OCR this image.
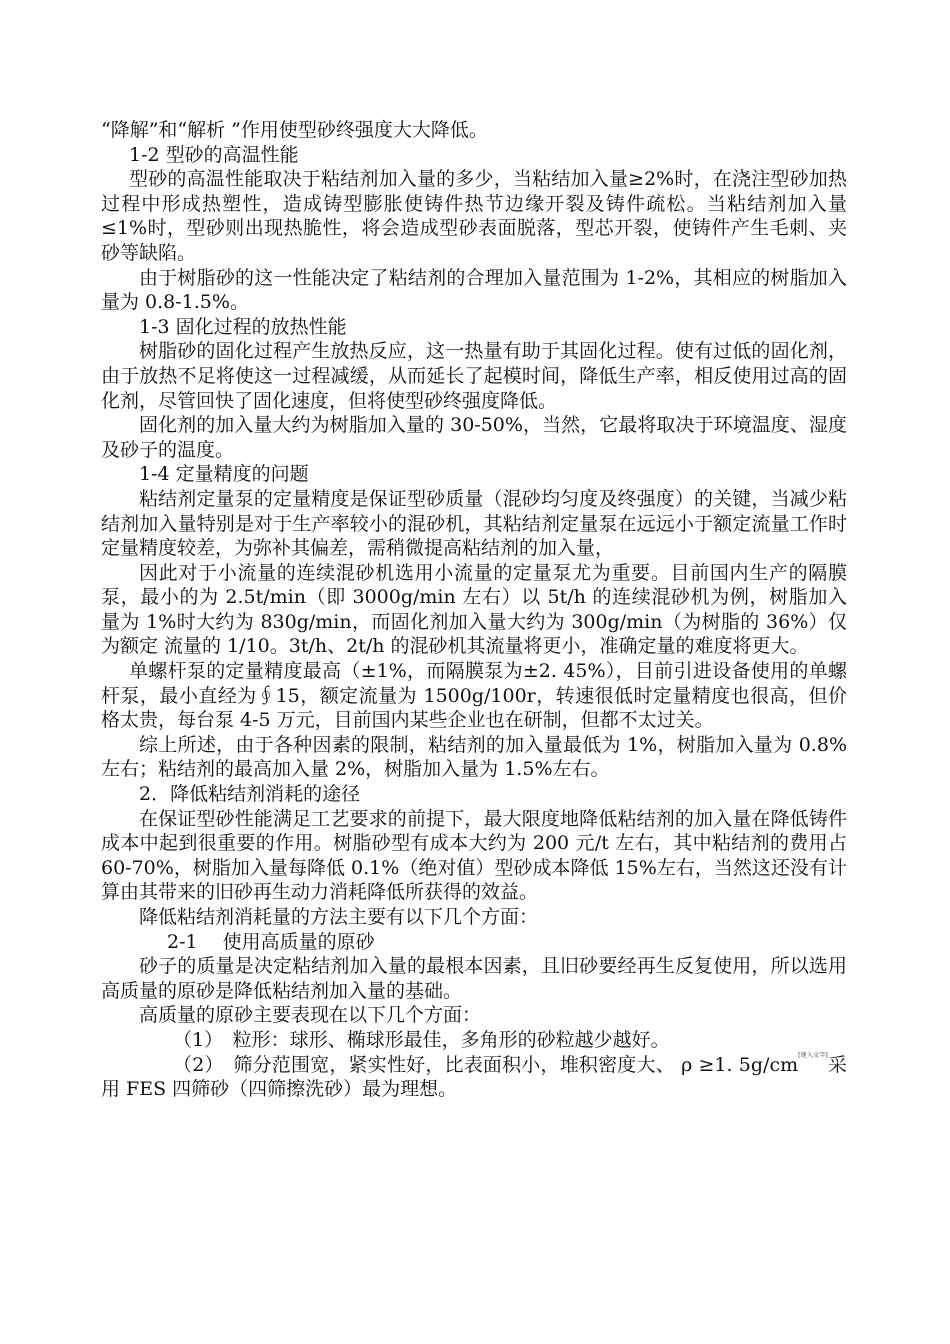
“降解”和“解析 ”作用使型砂终强度大大降低。

1-2 型砂的高温性能

型砂的高温性能取决于粘结剂加入量的多少，当粘结加入量≥2%时，在浇注型砂加热过程中形成热塑性，造成铸型膨胀使铸件热节边缘开裂及铸件疏松。当粘结剂加入量≤1%时，型砂则出现热脆性，将会造成型砂表面脱落，型芯开裂，使铸件产生毛刺、夹砂等缺陷。

由于树脂砂的这一性能决定了粘结剂的合理加入量范围为 1-2%，其相应的树脂加入量为 0.8-1.5%。

1-3 固化过程的放热性能

树脂砂的固化过程产生放热反应，这一热量有助于其固化过程。使有过低的固化剂，由于放热不足将使这一过程减缓，从而延长了起模时间，降低生产率，相反使用过高的固化剂，尽管回快了固化速度，但将使型砂终强度降低。

固化剂的加入量大约为树脂加入量的 30-50%，当然，它最将取决于环境温度、湿度及砂子的温度。

1-4 定量精度的问题

粘结剂定量泵的定量精度是保证型砂质量（混砂均匀度及终强度）的关键，当减少粘结剂加入量特别是对于生产率较小的混砂机，其粘结剂定量泵在远远小于额定流量工作时定量精度较差，为弥补其偏差，需稍微提高粘结剂的加入量，

因此对于小流量的连续混砂机选用小流量的定量泵尤为重要。目前国内生产的隔膜泵，最小的为 2.5t/min（即 3000g/min 左右）以 5t/h 的连续混砂机为例，树脂加入量为 1%时大约为 830g/min，而固化剂加入量大约为 300g/min（为树脂的 36%）仅为额定 流量的 1/10。3t/h、2t/h 的混砂机其流量将更小，准确定量的难度将更大。

单螺杆泵的定量精度最高（±1%，而隔膜泵为±2. 45%），目前引进设备使用的单螺杆泵，最小直经为∮15，额定流量为 1500g/100r，转速很低时定量精度也很高，但价格太贵，每台泵 4-5 万元，目前国内某些企业也在研制，但都不太过关。

综上所述，由于各种因素的限制，粘结剂的加入量最低为 1%，树脂加入量为 0.8%左右；粘结剂的最高加入量 2%，树脂加入量为 1.5%左右。

2．降低粘结剂消耗的途径

在保证型砂性能满足工艺要求的前提下，最大限度地降低粘结剂的加入量在降低铸件成本中起到很重要的作用。树脂砂型有成本大约为 200 元/t 左右，其中粘结剂的费用占 60-70%，树脂加入量每降低 0.1%（绝对值）型砂成本降低 15%左右，当然这还没有计算由其带来的旧砂再生动力消耗降低所获得的效益。

降低粘结剂消耗量的方法主要有以下几个方面：

2-1　 使用高质量的原砂

砂子的质量是决定粘结剂加入量的最根本因素，且旧砂要经再生反复使用，所以选用高质量的原砂是降低粘结剂加入量的基础。

高质量的原砂主要表现在以下几个方面：

（1）　粒形：球形、椭球形最佳，多角形的砂粒越少越好。

（2）　筛分范围宽，紧实性好，比表面积小，堆积密度大、 ρ ≥1. 5g/cm[键入文字]采用 FES 四筛砂（四筛擦洗砂）最为理想。
